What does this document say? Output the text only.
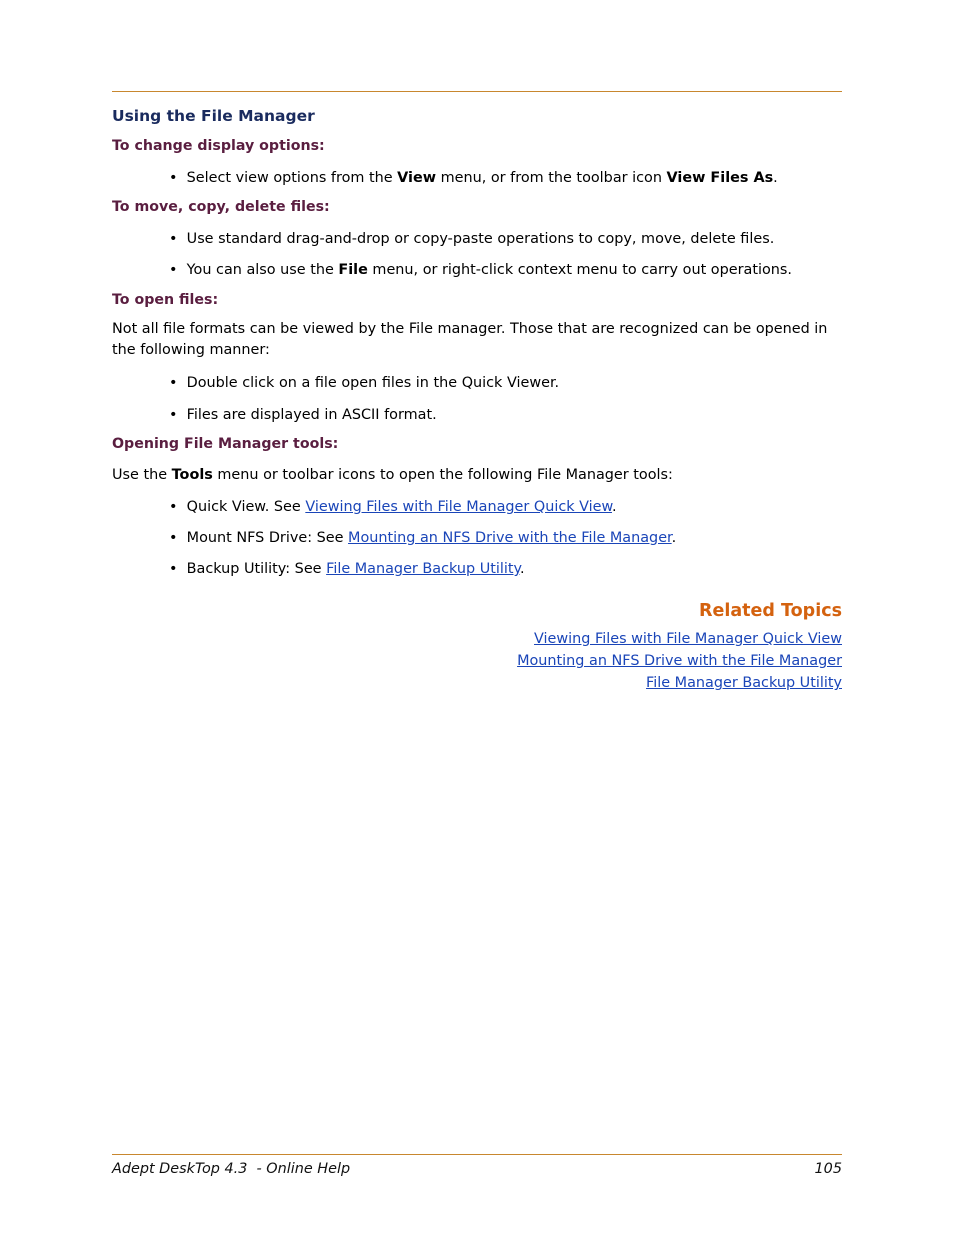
Using the File Manager
To change display options:
• Select view options from the View menu, or from the toolbar icon View Files As.
To move, copy, delete files:
• Use standard drag-and-drop or copy-paste operations to copy, move, delete files.
• You can also use the File menu, or right-click context menu to carry out operations.
To open files:
Not all file formats can be viewed by the File manager. Those that are recognized can be opened in the following manner:
• Double click on a file open files in the Quick Viewer.
• Files are displayed in ASCII format.
Opening File Manager tools:
Use the Tools menu or toolbar icons to open the following File Manager tools:
• Quick View. See Viewing Files with File Manager Quick View.
• Mount NFS Drive: See Mounting an NFS Drive with the File Manager.
• Backup Utility: See File Manager Backup Utility.
Related Topics
Viewing Files with File Manager Quick View
Mounting an NFS Drive with the File Manager
File Manager Backup Utility
Adept DeskTop 4.3  - Online Help	105
